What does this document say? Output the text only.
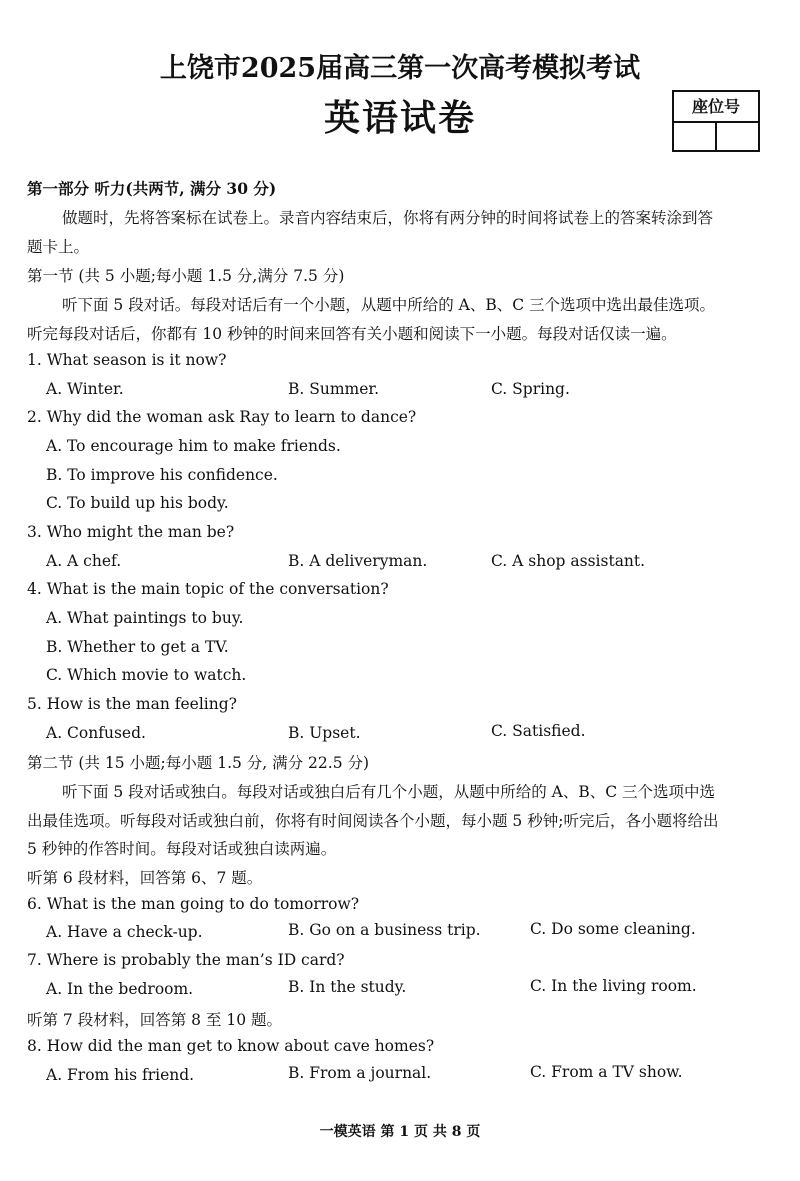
上饶市2025届高三第一次高考模拟考试
英语试卷	座位号
第一部分 听力(共两节, 满分 30 分)
做题时，先将答案标在试卷上。录音内容结束后，你将有两分钟的时间将试卷上的答案转涂到答
题卡上。
第一节 (共 5 小题;每小题 1.5 分,满分 7.5 分)
听下面 5 段对话。每段对话后有一个小题，从题中所给的 A、B、C 三个选项中选出最佳选项。
听完每段对话后，你都有 10 秒钟的时间来回答有关小题和阅读下一小题。每段对话仅读一遍。
1. What season is it now?
A. Winter.	B. Summer.	C. Spring.
2. Why did the woman ask Ray to learn to dance?
A. To encourage him to make friends.
B. To improve his confidence.
C. To build up his body.
3. Who might the man be?
A. A chef.	B. A deliveryman.	C. A shop assistant.
4. What is the main topic of the conversation?
A. What paintings to buy.
B. Whether to get a TV.
C. Which movie to watch.
5. How is the man feeling?
A. Confused.	B. Upset.	C. Satisfied.
第二节 (共 15 小题;每小题 1.5 分, 满分 22.5 分)
听下面 5 段对话或独白。每段对话或独白后有几个小题，从题中所给的 A、B、C 三个选项中选
出最佳选项。听每段对话或独白前，你将有时间阅读各个小题，每小题 5 秒钟;听完后，各小题将给出
5 秒钟的作答时间。每段对话或独白读两遍。
听第 6 段材料，回答第 6、7 题。
6. What is the man going to do tomorrow?
A. Have a check-up.	B. Go on a business trip.	C. Do some cleaning.
7. Where is probably the man’s ID card?
A. In the bedroom.	B. In the study.	C. In the living room.
听第 7 段材料，回答第 8 至 10 题。
8. How did the man get to know about cave homes?
A. From his friend.	B. From a journal.	C. From a TV show.
一模英语 第 1 页 共 8 页
